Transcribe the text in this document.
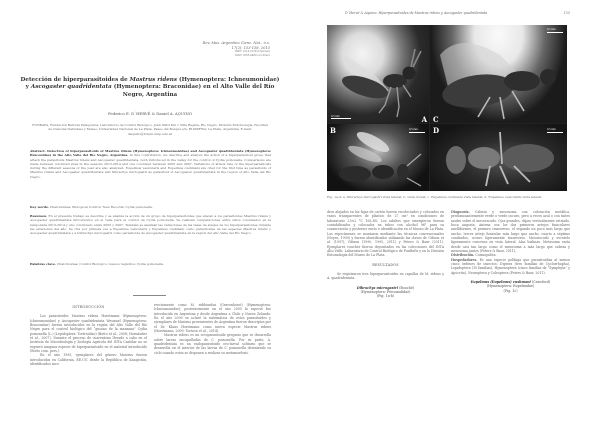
Rev. Mus. Argentino Cienc. Nat., n.s.
17(2): 153-158, 2015
ISSN 1514-5158 (impresa)
ISSN 1853-0400 (en línea)
Detección de hiperparasitoides de Mastrus ridens (Hymenoptera: Ichneumonidae) y Ascogaster quadridentata (Hymenoptera: Braconidae) en el Alto Valle del Río Negro, Argentina
Federico E. D´HERVÉ & Daniel A. AQUINO
FUNBAPA. Fundación Barrera Patagónica, Laboratorio de Control Biológico, Juan XXIII Km 1 Villa Regina, Río Negro. División Entomología, Facultad de Ciencias Naturales y Museo, Universidad Nacional de La Plata. Paseo del Bosque s/n, B1900FWA, La Plata, Argentina. E-mail: daquino@fcnym.unlp.edu.ar
Abstract. Detection of hiperparasitoids of Mastrus ridens (Hymenoptera: Ichneumonidae) and Ascogaster quadridentata (Hymenoptera: Braconidae) in the Alto Valle del Río Negro, Argentina. In this contribution, we describe and analyze the action of a hiperparasitoid group that attack the parasitoids Mastrus ridens and Ascogaster quadridentata, both introduced in the valley for the control of Cydia pomonella. Comparisons are made between colonized sites in the seasons 2013-2014 and one colonized between 2005 and 2007. Variations of attack rate of the hiperparasitoids during the different seasons of the year are also analyzed. Eupelmus vesicularis and Eupelmus cushmani are cited for the first time as parasitoids of Mastrus ridens and Ascogaster quadridentata and Dibrachys microgastri as parasitoid of Ascogaster quadridentata in the region of Alto Valle del Río Negro.
Key words. Chalcidoidea; Biological Control; New Records; Cydia pomonella.
Resumen. En el presente trabajo se describe y se analiza la acción de un grupo de hiperparasitoides que atacan a los parasitoides Mastrus ridens y Ascogaster quadridentata introducidos en el valle para el control de Cydia pomonella. Se realizan comparaciones entre sitios colonizados en la temporada 2013-2014 y uno colonizado entre 2005 y 2007. También se analizan las variaciones de las tasas de ataque de los hiperparasitoides durante las estaciones del año. Se cita por primera vez a Eupelmus vesicularis y Eupelmus cushmani como parasitoides de las especies Mastrus ridens y Ascogaster quadridentata y a Dibrachys microgastri como parasitoide de Ascogaster quadridentata en la región del Alto Valle del Río Negro.
Palabras clave. Chalcidoidea; Control Biológico; nuevos registros; Cydia pomonella.
INTRODUCCIÓN

Los parasitoides Mastrus ridens Horstmann (Hymenoptera: Ichneumonidae) y Ascogaster quadridentata Wesmael (Hymenoptera: Braconidae) fueron introducidos en la región del Alto Valle del Río Negro para el control biológico del “gusano de la manzana” Cydia pomonella (L.) (Lepidoptera: Tortricidae) (Botto et al., 2008; Hernández et al., 2007). Durante el proceso de cuarentena llevado a cabo en el Instituto de Microbiología y Zoología Agrícola del INTA Castelar no se registró ninguna especie de hiperparasitoide en el material introducido (Botto com. pers.).

En el año 1995, ejemplares del género Mastrus fueron introducidos en California, EE.UU. desde la República de Kazajistán, identificados inco-

rrectamente como M. ridibundus (Gravenhorst) (Hymenoptera: Ichneumonidae); posteriormente en el año 2005 la especie fue introducida en Argentina y desde Argentina a Chile y Nueva Zelanda. En el año 2009 se aclaró la sistemática de estos parasitoides y ejemplares de Mastrus provenientes de Argentina fueron descriptos por el Dr. Klaus Horstmann como nueva especie Mastrus ridens (Horstmann, 2009; Tortosa et al., 2014).

Mastrus ridens es un ectoparasitoide gregario que se desarrolla sobre larvas encapulladas de C. pomonella. Por su parte, A. quadridentata es un endoparasitoide ovo-larval solitario que se desarrolla en el interior de las larvas de C. pomonella deteniendo su ciclo cuando estas se disponen a realizar su metamorfosis.

D´Hervé & Aquino: Hiperparasitoides de Mastrus ridens y Ascogaster quadridentata	155
0,5 mm	A
0,5 mm
B
0,5 mm
C
0,5 mm
D
Fig. 1a-d: a. Dibrachys microgastri vista lateral; b. vista dorsal; c. Eupelmus cushmani vista lateral; d. Eupelmus vesicularis vista lateral.

dros alojados en las fajas de cartón fueron recolectados y colocados en vasos transparentes de plástico de 27 cm³ en condiciones de laboratorio 25±2 °C 16L:8O. Los adultos que emergieron fueron contabilizados y colocados en tubos con alcohol 96° para su conservación y posterior envío e identificación en el Museo de La Plata. Los especímenes se montaron mediante las técnicas convencionales (Noyes, 1990) y fueron identificados utilizando las claves de Gibson et al. (1997), Gibson (1990, 1995, 2011) y Peters & Baur (2011). Ejemplares voucher fueron depositados en las colecciones del INTA Alto Valle, Laboratorio de Control Biológico de FunBaPa y en la División Entomología del Museo de La Plata.

RESULTADOS

Se registraron tres hiperparasitoides en capullos de M. ridens y A. quadridentata.

Dibrachys microgastri (Bouché)
(Hymenoptera: Pteromalidae)
(Fig. 1a-b)

Diagnosis. Cabeza y mesosoma con coloración metálica, predominantemente verde o verde oscuro, pero a veces azul o con tintes azules sobre el mesoescudo. Ojos grandes, clípeo verticalmente estriado, boca angosta. Antena con los dos primeros artejos funiculares anelliformes, el primero transverso, el segundo un poco más largo que ancho, tercer artejo funicular más largo que ancho, cuarto a séptimo cuadrados, octavo ligeramente transverso. Mesoescudo y escutelo ligeramente convexos en vista lateral. Alas hialinas. Metasoma varía desde casi tan largo como el mesosoma a más largo que cabeza y mesosoma juntos (Peters & Baur, 2011).

Distribución. Cosmopolita.

Hospedadores. Es una especie polífaga que parasitoidiza al menos cinco órdenes de insectos: Diptera (tres familias de Cyclorrhapha), Lepidoptera (10 familias), Hymenoptera (cinco familias de “Symphyta” y Apocrita), Neuroptera y Coleoptera (Peters & Baur, 2011).

Eupelmus (Eupelmus) cushmani (Crawford)
(Hymenoptera: Eupelmidae)
(Fig. 1c)
